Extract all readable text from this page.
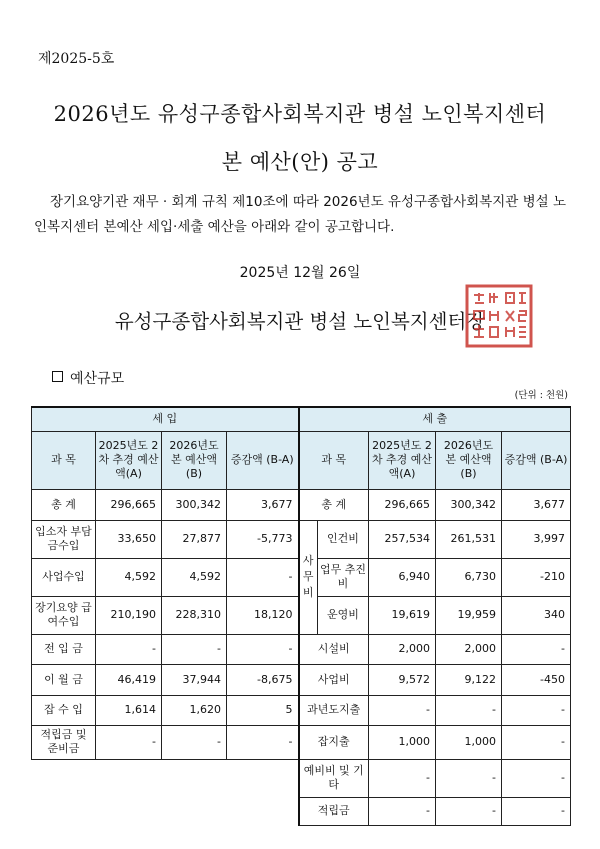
제2025-5호
2026년도 유성구종합사회복지관 병설 노인복지센터
본 예산(안) 공고
장기요양기관 재무 · 회계 규칙 제10조에 따라 2026년도 유성구종합사회복지관 병설 노인복지센터 본예산 세입·세출 예산을 아래와 같이 공고합니다.
2025년 12월 26일
유성구종합사회복지관 병설 노인복지센터장
예산규모
(단위 : 천원)
세 입				세 출				
과 목	2025년도 2차 추경 예산액(A)	2026년도 본 예산액(B)	증감액 (B-A)	과 목		2025년도 2차 추경 예산액(A)	2026년도 본 예산액(B)	증감액 (B-A)
총 계	296,665	300,342	3,677	총 계		296,665	300,342	3,677
입소자 부담금수입	33,650	27,877	-5,773	사무비	인건비	257,534	261,531	3,997
사업수입	4,592	4,592	-		업무 추진비	6,940	6,730	-210
장기요양 급여수입	210,190	228,310	18,120		운영비	19,619	19,959	340
전 입 금	-	-	-	시설비		2,000	2,000	-
이 월 금	46,419	37,944	-8,675	사업비		9,572	9,122	-450
잡 수 입	1,614	1,620	5	과년도지출		-	-	-
적립금 및 준비금	-	-	-	잡지출		1,000	1,000	-
				예비비 및 기타		-	-	-
				적립금		-	-	-
